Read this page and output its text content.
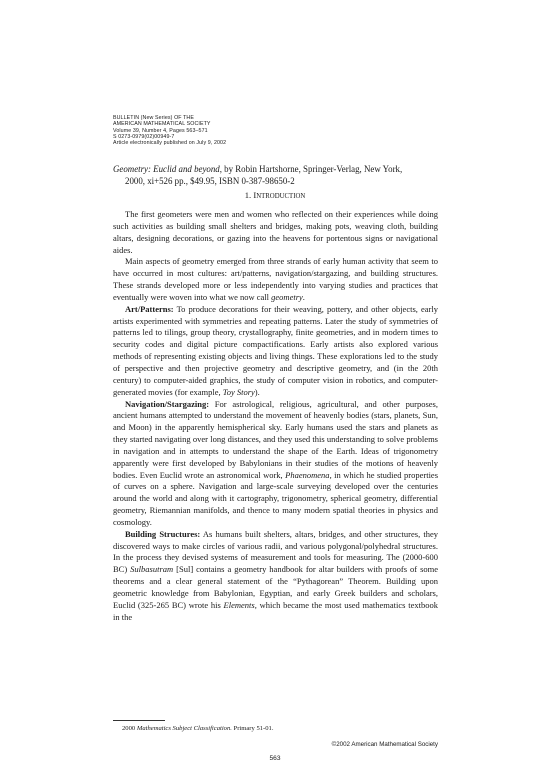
BULLETIN (New Series) OF THE
AMERICAN MATHEMATICAL SOCIETY
Volume 39, Number 4, Pages 563–571
S 0273-0979(02)00949-7
Article electronically published on July 9, 2002
Geometry: Euclid and beyond, by Robin Hartshorne, Springer-Verlag, New York,
2000, xi+526 pp., $49.95, ISBN 0-387-98650-2
1. INTRODUCTION

The first geometers were men and women who reflected on their experiences while doing such activities as building small shelters and bridges, making pots, weaving cloth, building altars, designing decorations, or gazing into the heavens for portentous signs or navigational aides.

Main aspects of geometry emerged from three strands of early human activity that seem to have occurred in most cultures: art/patterns, navigation/stargazing, and building structures. These strands developed more or less independently into varying studies and practices that eventually were woven into what we now call geometry.

Art/Patterns: To produce decorations for their weaving, pottery, and other objects, early artists experimented with symmetries and repeating patterns. Later the study of symmetries of patterns led to tilings, group theory, crystallography, finite geometries, and in modern times to security codes and digital picture compactifications. Early artists also explored various methods of representing existing objects and living things. These explorations led to the study of perspective and then projective geometry and descriptive geometry, and (in the 20th century) to computer-aided graphics, the study of computer vision in robotics, and computer-generated movies (for example, Toy Story).

Navigation/Stargazing: For astrological, religious, agricultural, and other purposes, ancient humans attempted to understand the movement of heavenly bodies (stars, planets, Sun, and Moon) in the apparently hemispherical sky. Early humans used the stars and planets as they started navigating over long distances, and they used this understanding to solve problems in navigation and in attempts to understand the shape of the Earth. Ideas of trigonometry apparently were first developed by Babylonians in their studies of the motions of heavenly bodies. Even Euclid wrote an astronomical work, Phaenomena, in which he studied properties of curves on a sphere. Navigation and large-scale surveying developed over the centuries around the world and along with it cartography, trigonometry, spherical geometry, differential geometry, Riemannian manifolds, and thence to many modern spatial theories in physics and cosmology.

Building Structures: As humans built shelters, altars, bridges, and other structures, they discovered ways to make circles of various radii, and various polygonal/polyhedral structures. In the process they devised systems of measurement and tools for measuring. The (2000-600 BC) Sulbasutram [Sul] contains a geometry handbook for altar builders with proofs of some theorems and a clear general statement of the “Pythagorean” Theorem. Building upon geometric knowledge from Babylonian, Egyptian, and early Greek builders and scholars, Euclid (325-265 BC) wrote his Elements, which became the most used mathematics textbook in the

2000 Mathematics Subject Classification. Primary 51-01.
©2002 American Mathematical Society
563
